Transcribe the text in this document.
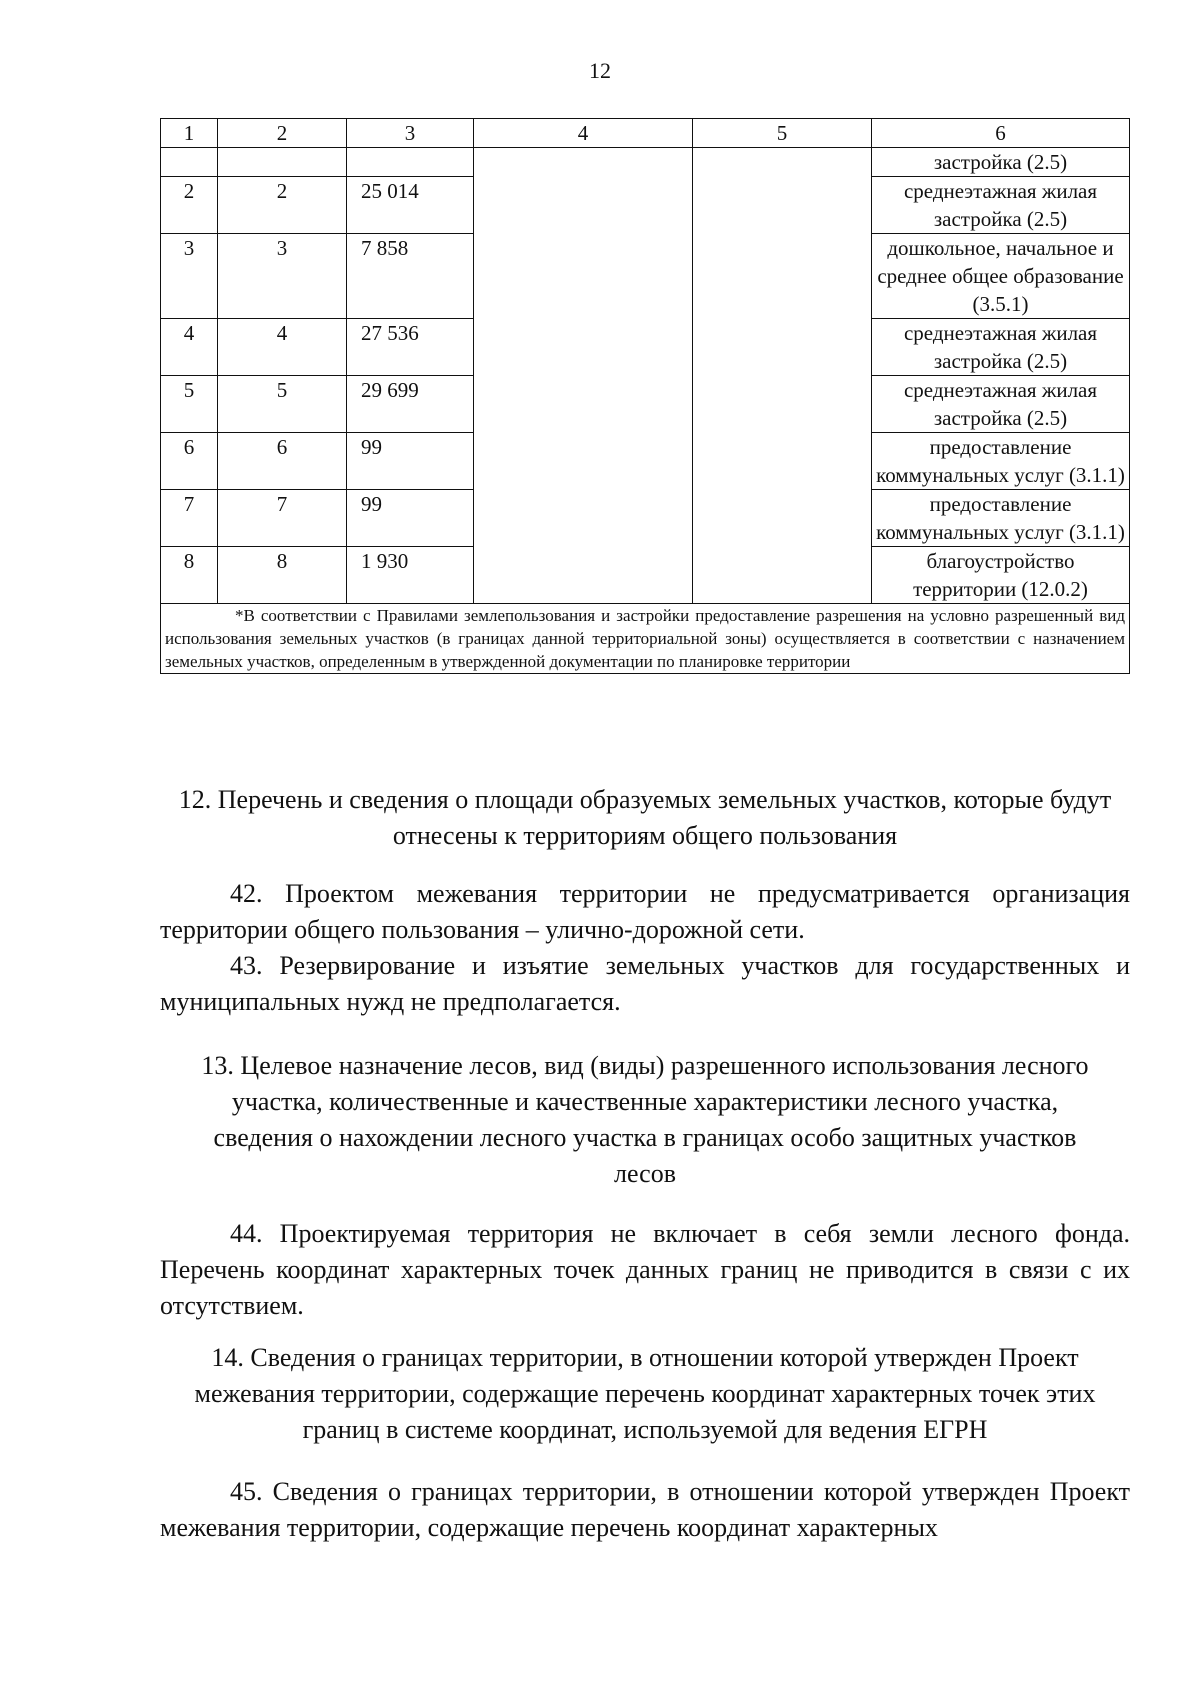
12
1	2	3	4	5	6
					застройка (2.5)
2	2	25 014			среднеэтажная жилая застройка (2.5)
3	3	7 858			дошкольное, начальное и среднее общее образование (3.5.1)
4	4	27 536			среднеэтажная жилая застройка (2.5)
5	5	29 699			среднеэтажная жилая застройка (2.5)
6	6	99			предоставление коммунальных услуг (3.1.1)
7	7	99			предоставление коммунальных услуг (3.1.1)
8	8	1 930			благоустройство территории (12.0.2)

*В соответствии с Правилами землепользования и застройки предоставление разрешения на условно разрешенный вид использования земельных участков (в границах данной территориальной зоны) осуществляется в соответствии с назначением земельных участков, определенным в утвержденной документации по планировке территории					
12. Перечень и сведения о площади образуемых земельных участков, которые будут отнесены к территориям общего пользования
42. Проектом межевания территории не предусматривается организация территории общего пользования – улично-дорожной сети.
43. Резервирование и изъятие земельных участков для государственных и муниципальных нужд не предполагается.
13. Целевое назначение лесов, вид (виды) разрешенного использования лесного участка, количественные и качественные характеристики лесного участка, сведения о нахождении лесного участка в границах особо защитных участков лесов
44. Проектируемая территория не включает в себя земли лесного фонда. Перечень координат характерных точек данных границ не приводится в связи с их отсутствием.
14. Сведения о границах территории, в отношении которой утвержден Проект межевания территории, содержащие перечень координат характерных точек этих границ в системе координат, используемой для ведения ЕГРН
45. Сведения о границах территории, в отношении которой утвержден Проект межевания территории, содержащие перечень координат характерных
